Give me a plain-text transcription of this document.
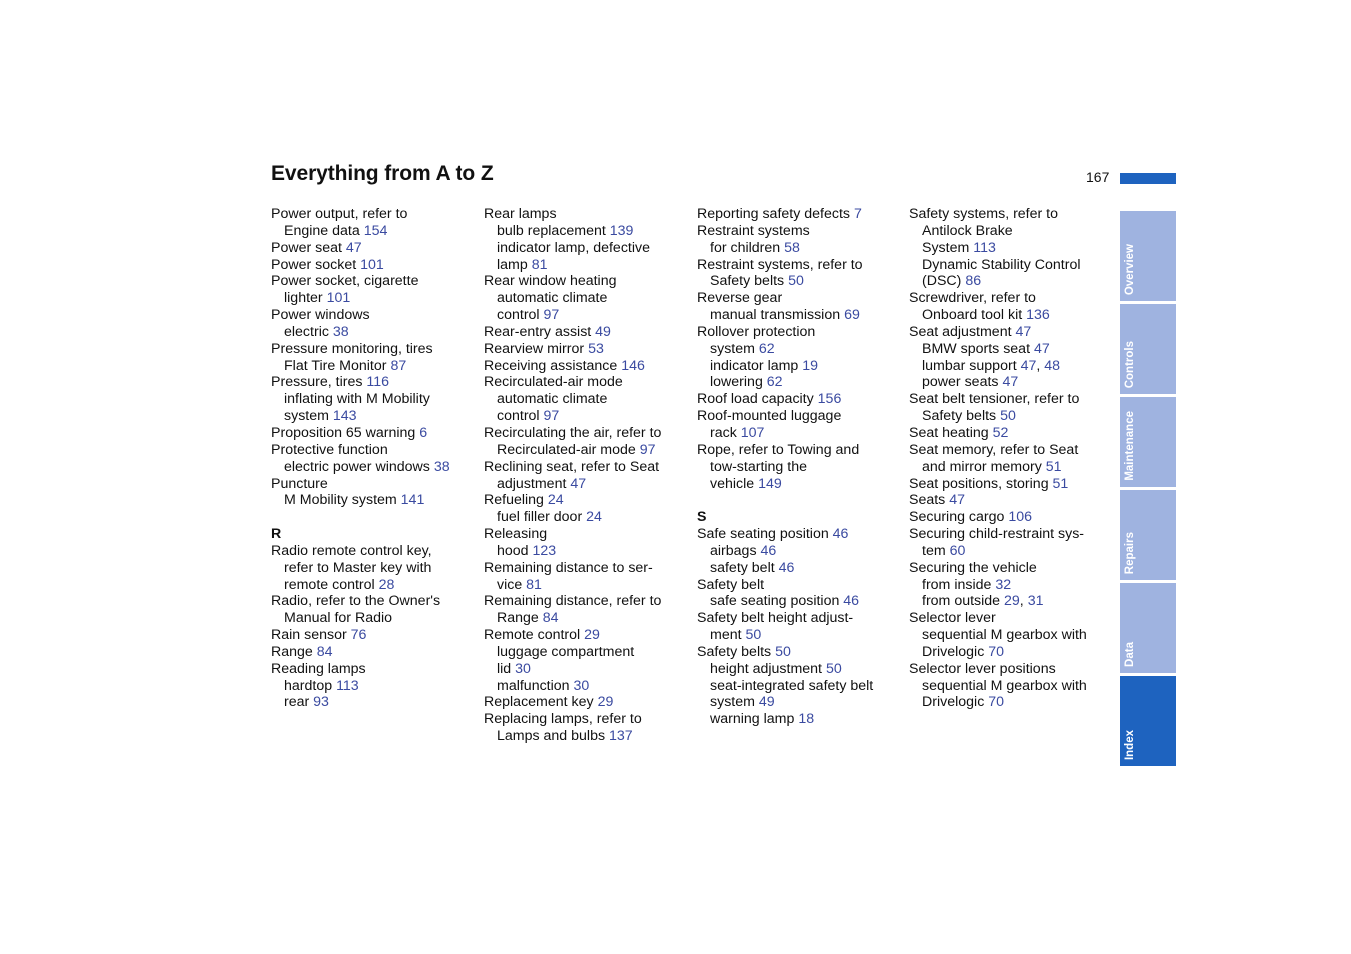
Everything from A to Z	167
Power output, refer to
Engine data 154
Power seat 47
Power socket 101
Power socket, cigarette
lighter 101
Power windows
electric 38
Pressure monitoring, tires
Flat Tire Monitor 87
Pressure, tires 116
inflating with M Mobility
system 143
Proposition 65 warning 6
Protective function
electric power windows 38
Puncture
M Mobility system 141
R
Radio remote control key,
refer to Master key with
remote control 28
Radio, refer to the Owner's
Manual for Radio
Rain sensor 76
Range 84
Reading lamps
hardtop 113
rear 93
Rear lamps
bulb replacement 139
indicator lamp, defective
lamp 81
Rear window heating
automatic climate
control 97
Rear-entry assist 49
Rearview mirror 53
Receiving assistance 146
Recirculated-air mode
automatic climate
control 97
Recirculating the air, refer to
Recirculated-air mode 97
Reclining seat, refer to Seat
adjustment 47
Refueling 24
fuel filler door 24
Releasing
hood 123
Remaining distance to ser-
vice 81
Remaining distance, refer to
Range 84
Remote control 29
luggage compartment
lid 30
malfunction 30
Replacement key 29
Replacing lamps, refer to
Lamps and bulbs 137
Reporting safety defects 7
Restraint systems
for children 58
Restraint systems, refer to
Safety belts 50
Reverse gear
manual transmission 69
Rollover protection
system 62
indicator lamp 19
lowering 62
Roof load capacity 156
Roof-mounted luggage
rack 107
Rope, refer to Towing and
tow-starting the
vehicle 149
S
Safe seating position 46
airbags 46
safety belt 46
Safety belt
safe seating position 46
Safety belt height adjust-
ment 50
Safety belts 50
height adjustment 50
seat-integrated safety belt
system 49
warning lamp 18
Safety systems, refer to
Antilock Brake
System 113
Dynamic Stability Control
(DSC) 86
Screwdriver, refer to
Onboard tool kit 136
Seat adjustment 47
BMW sports seat 47
lumbar support 47, 48
power seats 47
Seat belt tensioner, refer to
Safety belts 50
Seat heating 52
Seat memory, refer to Seat
and mirror memory 51
Seat positions, storing 51
Seats 47
Securing cargo 106
Securing child-restraint sys-
tem 60
Securing the vehicle
from inside 32
from outside 29, 31
Selector lever
sequential M gearbox with
Drivelogic 70
Selector lever positions
sequential M gearbox with
Drivelogic 70
Overview
Controls
Maintenance
Repairs
Data
Index
